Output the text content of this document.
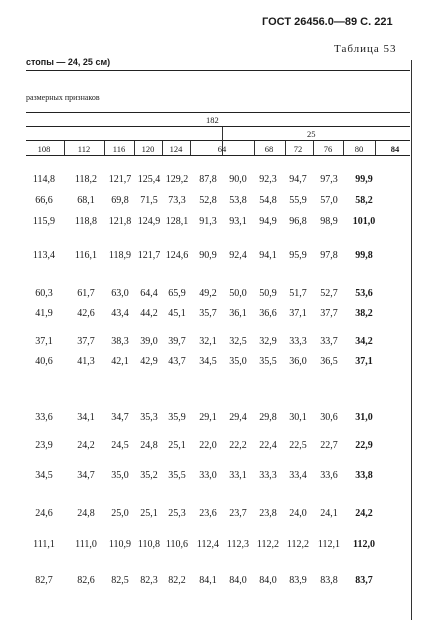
ГОСТ 26456.0—89 С. 221
Таблица 53
стопы — 24, 25 см)
размерных признаков
182
25
108	112	116	120	124	64	68	72	76	80	84
114,8	118,2	121,7 125,4 129,2	87,8	90,0	92,3	94,7	97,3	99,9
66,6	68,1	69,8	71,5	73,3	52,8	53,8	54,8	55,9	57,0	58,2
115,9	118,8	121,8 124,9 128,1	91,3	93,1	94,9	96,8	98,9	101,0
113,4	116,1	118,9 121,7 124,6	90,9	92,4	94,1	95,9	97,8	99,8
60,3	61,7	63,0	64,4	65,9	49,2	50,0	50,9	51,7	52,7	53,6
41,9	42,6	43,4	44,2	45,1	35,7	36,1	36,6	37,1	37,7	38,2
37,1	37,7	38,3	39,0	39,7	32,1	32,5	32,9	33,3	33,7	34,2
40,6	41,3	42,1	42,9	43,7	34,5	35,0	35,5	36,0	36,5	37,1
33,6	34,1	34,7	35,3	35,9	29,1	29,4	29,8	30,1	30,6	31,0
23,9	24,2	24,5	24,8	25,1	22,0	22,2	22,4	22,5	22,7	22,9
34,5	34,7	35,0	35,2	35,5	33,0	33,1	33,3	33,4	33,6	33,8
24,6	24,8	25,0	25,1	25,3	23,6	23,7	23,8	24,0	24,1	24,2
111,1	111,0	110,9 110,8 110,6 112,4 112,3 112,2 112,2 112,1	112,0
82,7	82,6	82,5	82,3	82,2	84,1	84,0	84,0	83,9	83,8	83,7
